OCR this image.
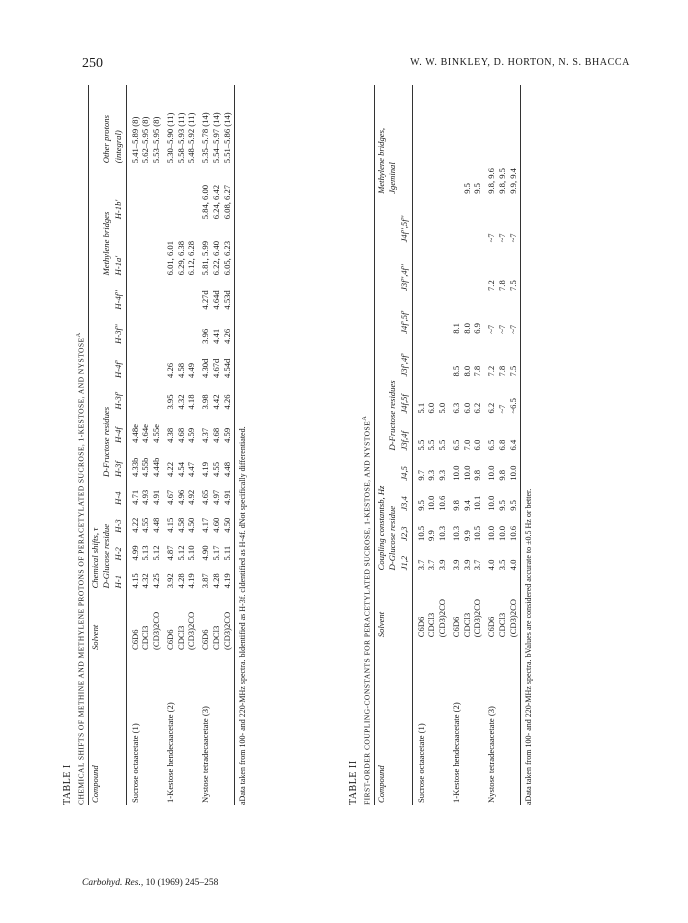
250	W. W. BINKLEY, D. HORTON, N. S. BHACCA
TABLE I CHEMICAL SHIFTS OF METHINE AND METHYLENE PROTONS OF PERACETYLATED SUCROSE, 1-KESTOSE, AND $NYSTOSE^A$
Compound	Solvent	Chemical shifts, τ												
		D-Glucose residue				D-Fructose residues						Methylene bridges		Other protons
		H-1	H-2	H-3	H-4	H-3f	H-4f	H-3f'	H-4f'	H-3f''	H-4f''	H-1a'	H-1b'	(integral)
Sucrose octaacetate (1)	C6D6	4.15	4.99	4.22	4.71	4.33b	4.48e							5.41–5.89 (8)
	CDCl3	4.32	5.13	4.55	4.93	4.55b	4.64e							5.62–5.95 (8)
	(CD3)2CO	4.25	5.12	4.48	4.91	4.44b	4.55e							5.53–5.95 (8)
1-Kestose hendecaacetate (2)	C6D6	3.92	4.87	4.15	4.67	4.22	4.38	3.95	4.26			6.01, 6.01		5.30–5.90 (11)
	CDCl3	4.28	5.12	4.58	4.96	4.54	4.68	4.32	4.58			6.29, 6.38		5.58–5.93 (11)
	(CD3)2CO	4.19	5.10	4.50	4.92	4.47	4.59	4.18	4.49			6.12, 6.28		5.48–5.92 (11)
Nystose tetradecaacetate (3)	C6D6	3.87	4.90	4.17	4.65	4.19	4.37	3.98	4.30d	3.96	4.27d	5.81, 5.99	5.84, 6.00	5.35–5.78 (14)
	CDCl3	4.28	5.17	4.60	4.97	4.55	4.68	4.42	4.67d	4.41	4.64d	6.22, 6.40	6.24, 6.42	5.54–5.97 (14)
	(CD3)2CO	4.19	5.11	4.50	4.91	4.48	4.59	4.26	4.54d	4.26	4.53d	6.05, 6.23	6.08, 6.27	5.51–5.86 (14)
aData taken from 100- and 220-MHz spectra. bIdentified as H-3f. cIdentified as H-4f. dNot specifically differentiated.	TABLE II FIRST-ORDER COUPLING-CONSTANTS FOR PERACETYLATED SUCROSE, 1-KESTOSE, AND $NYSTOSE^A$
Compound	Solvent	Coupling constantsb, Hz										Methylene bridges,
		D-Glucose residue				D-Fructose residues						Jgeminal
		J1,2	J2,3	J3,4	J4,5	J3f,4f	J4f,5f	J3f',4f'	J4f',5f'	J3f'',4f''	J4f'',5f''	
Sucrose octaacetate (1)	C6D6	3.7	10.5	9.5	9.7	5.5	5.1					
	CDCl3	3.7	9.9	10.0	9.3	5.5	6.0					
	(CD3)2CO	3.9	10.3	10.6	9.3	5.5	5.0					
1-Kestose hendecaacetate (2)	C6D6	3.9	10.3	9.8	10.0	6.5	6.3	8.5	8.1			
	CDCl3	3.9	9.9	9.4	10.0	7.0	6.0	8.0	8.0			9.5
	(CD3)2CO	3.7	10.5	10.1	9.8	6.0	6.2	7.8	6.9			9.5
Nystose tetradecaacetate (3)	C6D6	4.0	10.0	10.0	10.0	6.5	6.2	7.2	~7	7.2	~7	9.8, 9.6
	CDCl3	3.5	10.0	9.5	9.8	6.8	~7	7.8	~7	7.8	~7	9.8, 9.5
	(CD3)2CO	4.0	10.6	9.5	10.0	6.4	~6.5	7.5	~7	7.5	~7	9.9, 9.4
aData taken from 100- and 220-MHz spectra. bValues are considered accurate to ±0.5 Hz or better.
Carbohyd. Res., 10 (1969) 245–258
